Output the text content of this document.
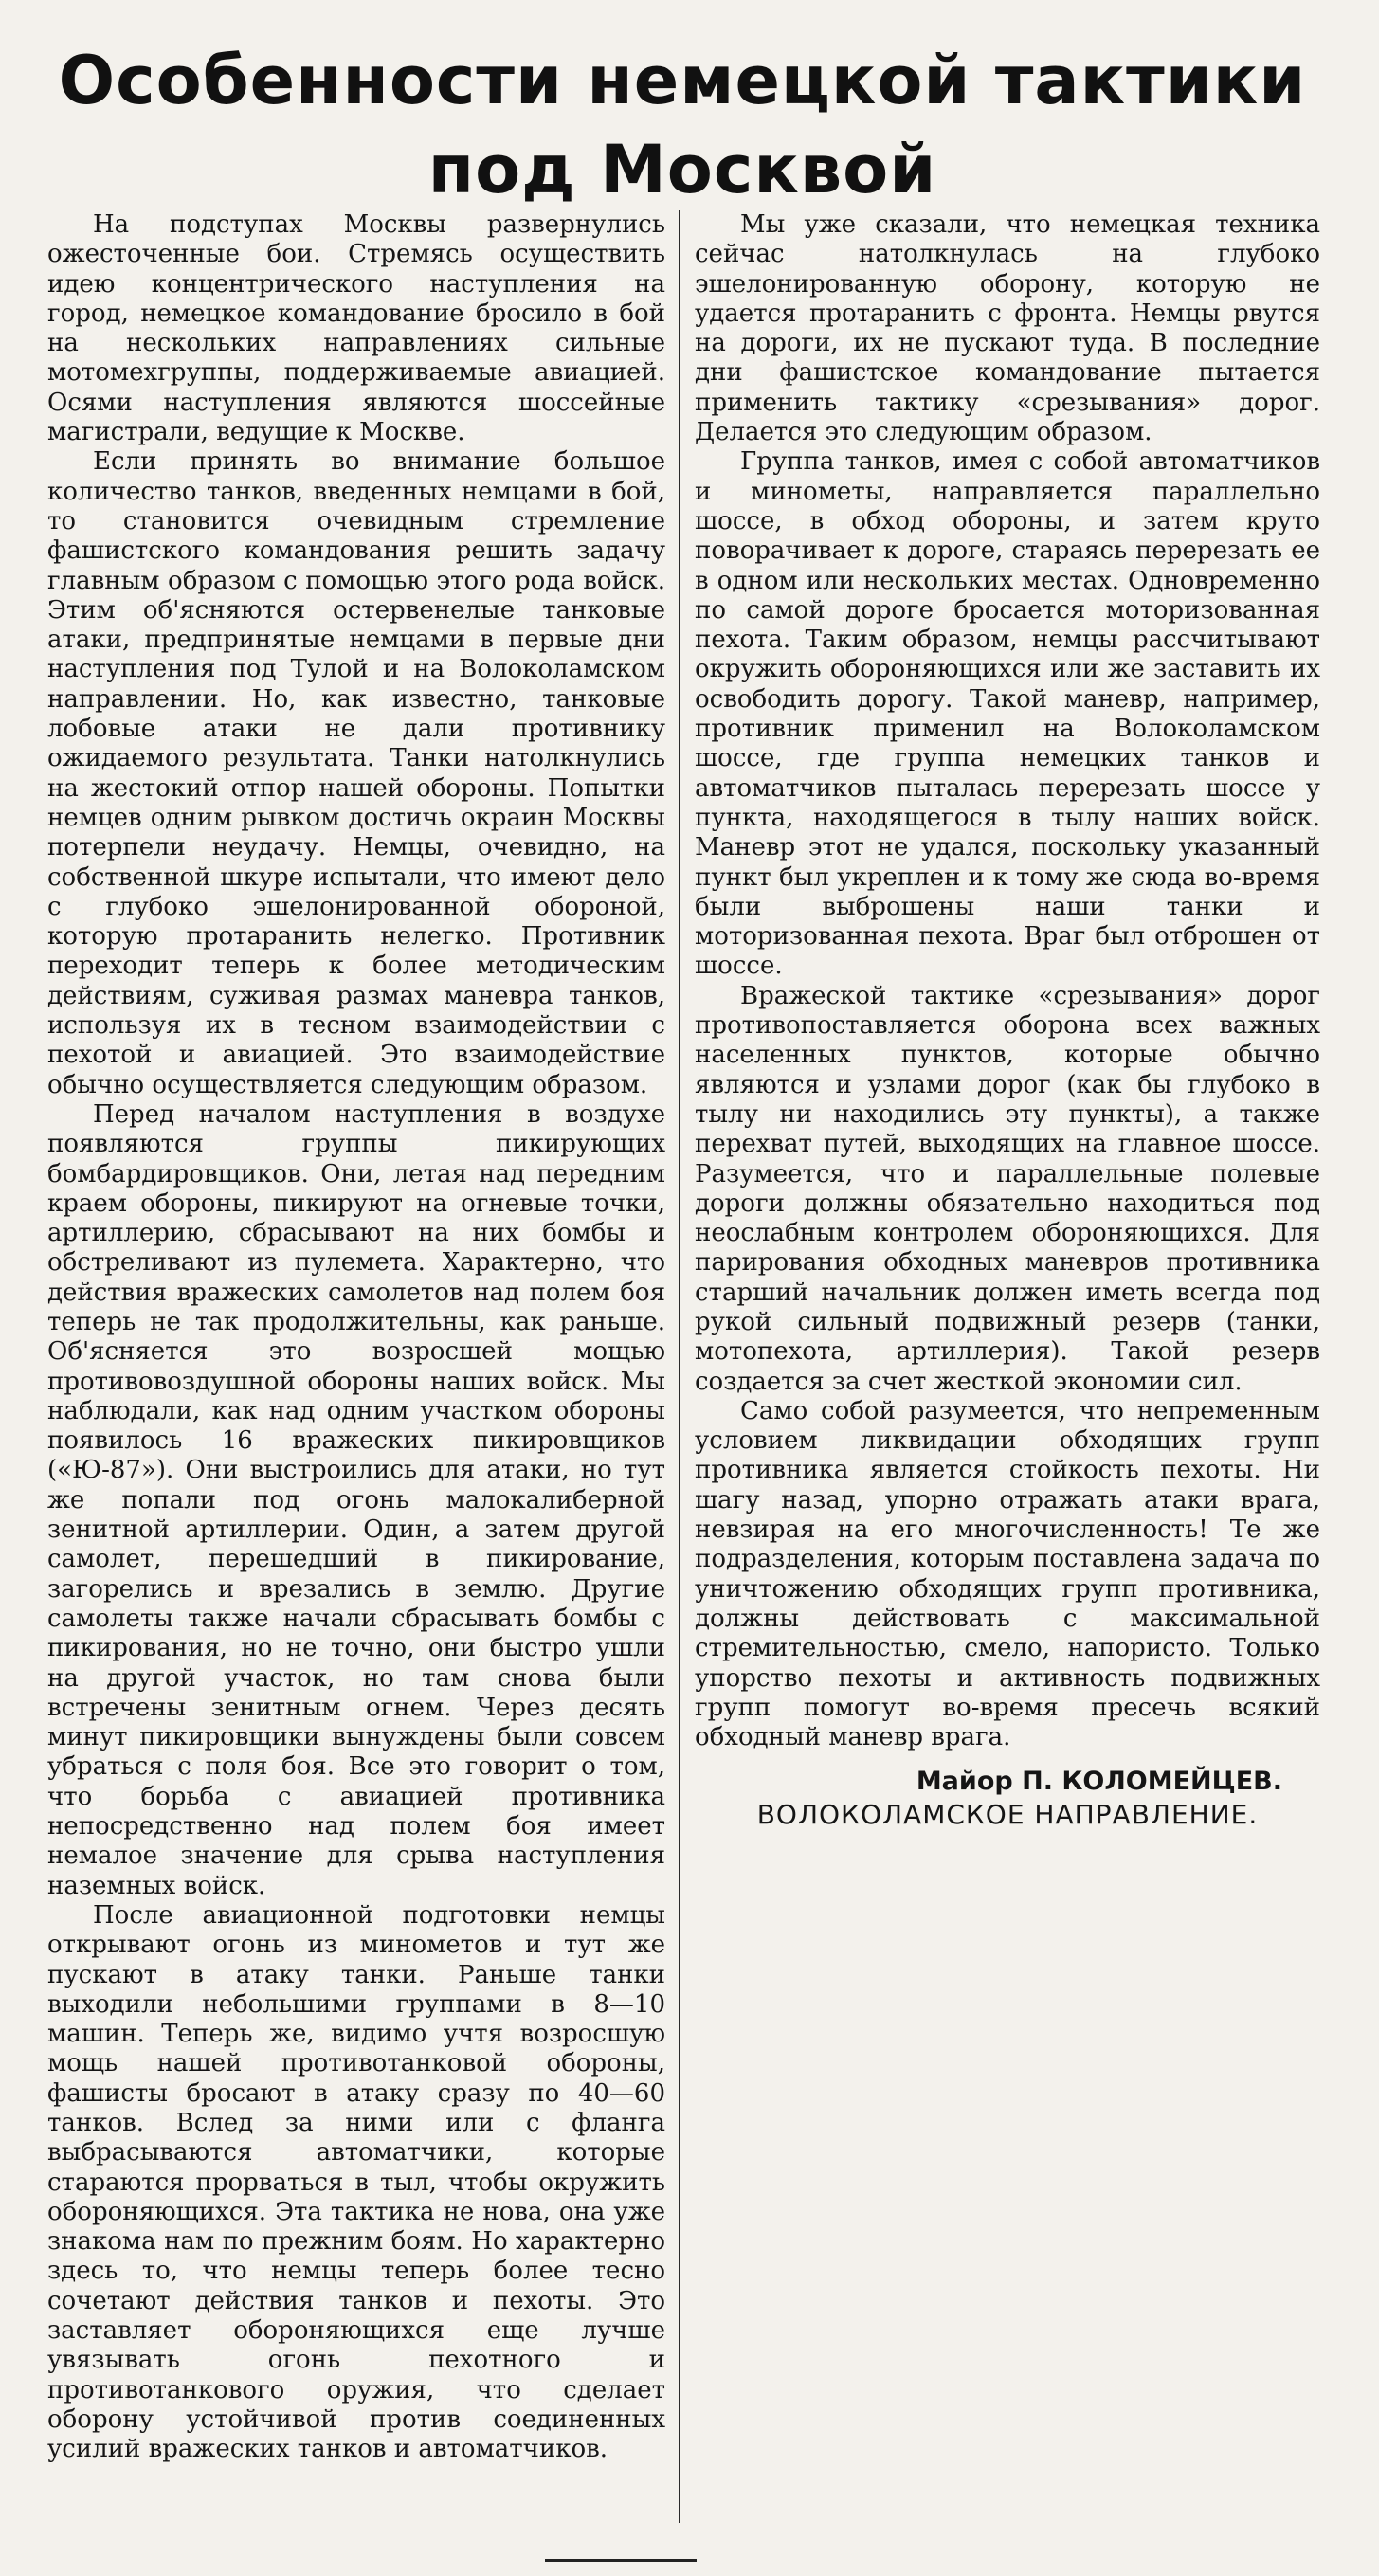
Особенности немецкой тактики
под Москвой

На подступах Москвы развернулись ожесточенные бои. Стремясь осуществить идею концентрического наступления на город, немецкое командование бросило в бой на нескольких направлениях сильные мотомехгруппы, поддерживаемые авиацией. Осями наступления являются шоссейные магистрали, ведущие к Москве.

Если принять во внимание большое количество танков, введенных немцами в бой, то становится очевидным стремление фашистского командования решить задачу главным образом с помощью этого рода войск. Этим об'ясняются остервенелые танковые атаки, предпринятые немцами в первые дни наступления под Тулой и на Волоколамском направлении. Но, как известно, танковые лобовые атаки не дали противнику ожидаемого результата. Танки натолкнулись на жестокий отпор нашей обороны. Попытки немцев одним рывком достичь окраин Москвы потерпели неудачу. Немцы, очевидно, на собственной шкуре испытали, что имеют дело с глубоко эшелонированной обороной, которую протаранить нелегко. Противник переходит теперь к более методическим действиям, суживая размах маневра танков, используя их в тесном взаимодействии с пехотой и авиацией. Это взаимодействие обычно осуществляется следующим образом.

Перед началом наступления в воздухе появляются группы пикирующих бомбардировщиков. Они, летая над передним краем обороны, пикируют на огневые точки, артиллерию, сбрасывают на них бомбы и обстреливают из пулемета. Характерно, что действия вражеских самолетов над полем боя теперь не так продолжительны, как раньше. Об'ясняется это возросшей мощью противовоздушной обороны наших войск. Мы наблюдали, как над одним участком обороны появилось 16 вражеских пикировщиков («Ю-87»). Они выстроились для атаки, но тут же попали под огонь малокалиберной зенитной артиллерии. Один, а затем другой самолет, перешедший в пикирование, загорелись и врезались в землю. Другие самолеты также начали сбрасывать бомбы с пикирования, но не точно, они быстро ушли на другой участок, но там снова были встречены зенитным огнем. Через десять минут пикировщики вынуждены были совсем убраться с поля боя. Все это говорит о том, что борьба с авиацией противника непосредственно над полем боя имеет немалое значение для срыва наступления наземных войск.

После авиационной подготовки немцы открывают огонь из минометов и тут же пускают в атаку танки. Раньше танки выходили небольшими группами в 8—10 машин. Теперь же, видимо учтя возросшую мощь нашей противотанковой обороны, фашисты бросают в атаку сразу по 40—60 танков. Вслед за ними или с фланга выбрасываются автоматчики, которые стараются прорваться в тыл, чтобы окружить обороняющихся. Эта тактика не нова, она уже знакома нам по прежним боям. Но характерно здесь то, что немцы теперь более тесно сочетают действия танков и пехоты. Это заставляет обороняющихся еще лучше увязывать огонь пехотного и противотанкового оружия, что сделает оборону устойчивой против соединенных усилий вражеских танков и автоматчиков.

Мы уже сказали, что немецкая техника сейчас натолкнулась на глубоко эшелонированную оборону, которую не удается протаранить с фронта. Немцы рвутся на дороги, их не пускают туда. В последние дни фашистское командование пытается применить тактику «срезывания» дорог. Делается это следующим образом.

Группа танков, имея с собой автоматчиков и минометы, направляется параллельно шоссе, в обход обороны, и затем круто поворачивает к дороге, стараясь перерезать ее в одном или нескольких местах. Одновременно по самой дороге бросается моторизованная пехота. Таким образом, немцы рассчитывают окружить обороняющихся или же заставить их освободить дорогу. Такой маневр, например, противник применил на Волоколамском шоссе, где группа немецких танков и автоматчиков пыталась перерезать шоссе у пункта, находящегося в тылу наших войск. Маневр этот не удался, поскольку указанный пункт был укреплен и к тому же сюда во-время были выброшены наши танки и моторизованная пехота. Враг был отброшен от шоссе.

Вражеской тактике «срезывания» дорог противопоставляется оборона всех важных населенных пунктов, которые обычно являются и узлами дорог (как бы глубоко в тылу ни находились эту пункты), а также перехват путей, выходящих на главное шоссе. Разумеется, что и параллельные полевые дороги должны обязательно находиться под неослабным контролем обороняющихся. Для парирования обходных маневров противника старший начальник должен иметь всегда под рукой сильный подвижный резерв (танки, мотопехота, артиллерия). Такой резерв создается за счет жесткой экономии сил.

Само собой разумеется, что непременным условием ликвидации обходящих групп противника является стойкость пехоты. Ни шагу назад, упорно отражать атаки врага, невзирая на его многочисленность! Те же подразделения, которым поставлена задача по уничтожению обходящих групп противника, должны действовать с максимальной стремительностью, смело, напористо. Только упорство пехоты и активность подвижных групп помогут во-время пресечь всякий обходный маневр врага.

Майор П. КОЛОМЕЙЦЕВ.
ВОЛОКОЛАМСКОЕ НАПРАВЛЕНИЕ.
